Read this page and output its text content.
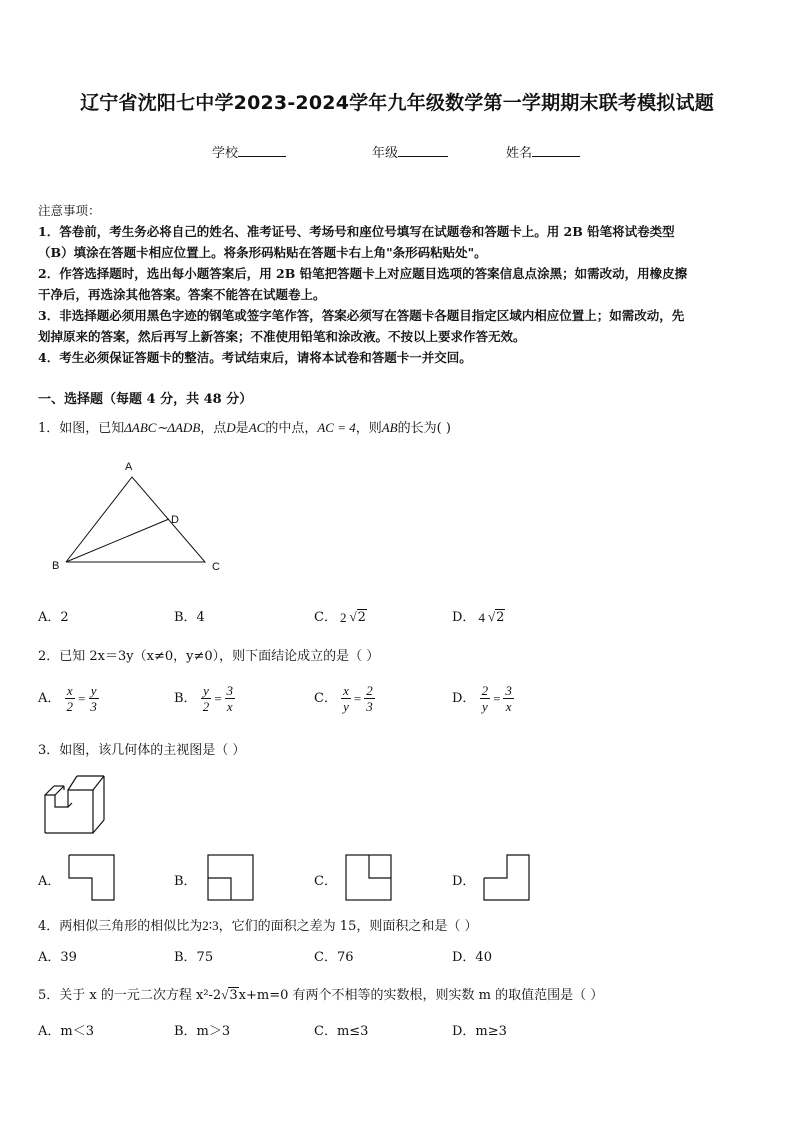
辽宁省沈阳七中学2023-2024学年九年级数学第一学期期末联考模拟试题
学校	年级	姓名
注意事项：
1．答卷前，考生务必将自己的姓名、准考证号、考场号和座位号填写在试题卷和答题卡上。用 2B 铅笔将试卷类型
（B）填涂在答题卡相应位置上。将条形码粘贴在答题卡右上角"条形码粘贴处"。
2．作答选择题时，选出每小题答案后，用 2B 铅笔把答题卡上对应题目选项的答案信息点涂黑；如需改动，用橡皮擦
干净后，再选涂其他答案。答案不能答在试题卷上。
3．非选择题必须用黑色字迹的钢笔或签字笔作答，答案必须写在答题卡各题目指定区域内相应位置上；如需改动，先
划掉原来的答案，然后再写上新答案；不准使用铅笔和涂改液。不按以上要求作答无效。
4．考生必须保证答题卡的整洁。考试结束后，请将本试卷和答题卡一并交回。
一、选择题（每题 4 分，共 48 分）
1．如图，已知ΔABC∼ΔADB，点D是AC的中点，AC = 4，则AB的长为( )
A
B	C
D
A．2	B．4	C． 2 √2	D． 4 √2
2．已知 2x＝3y（x≠0，y≠0），则下面结论成立的是（ ）
A． $\frac{x}{2} = \frac{y}{3}$	B． $\frac{y}{2} = \frac{3}{x}$	C． $\frac{x}{y} = \frac{2}{3}$	D． $\frac{2}{y} = \frac{3}{x}$
3．如图，该几何体的主视图是（ ）
A．	B．	C．	D．
4．两相似三角形的相似比为2∶3，它们的面积之差为 15，则面积之和是（ ）
A．39	B．75	C．76	D．40
5．关于 x 的一元二次方程 x²-2√3x+m=0 有两个不相等的实数根，则实数 m 的取值范围是（ ）
A．m＜3	B．m＞3	C．m≤3	D．m≥3
